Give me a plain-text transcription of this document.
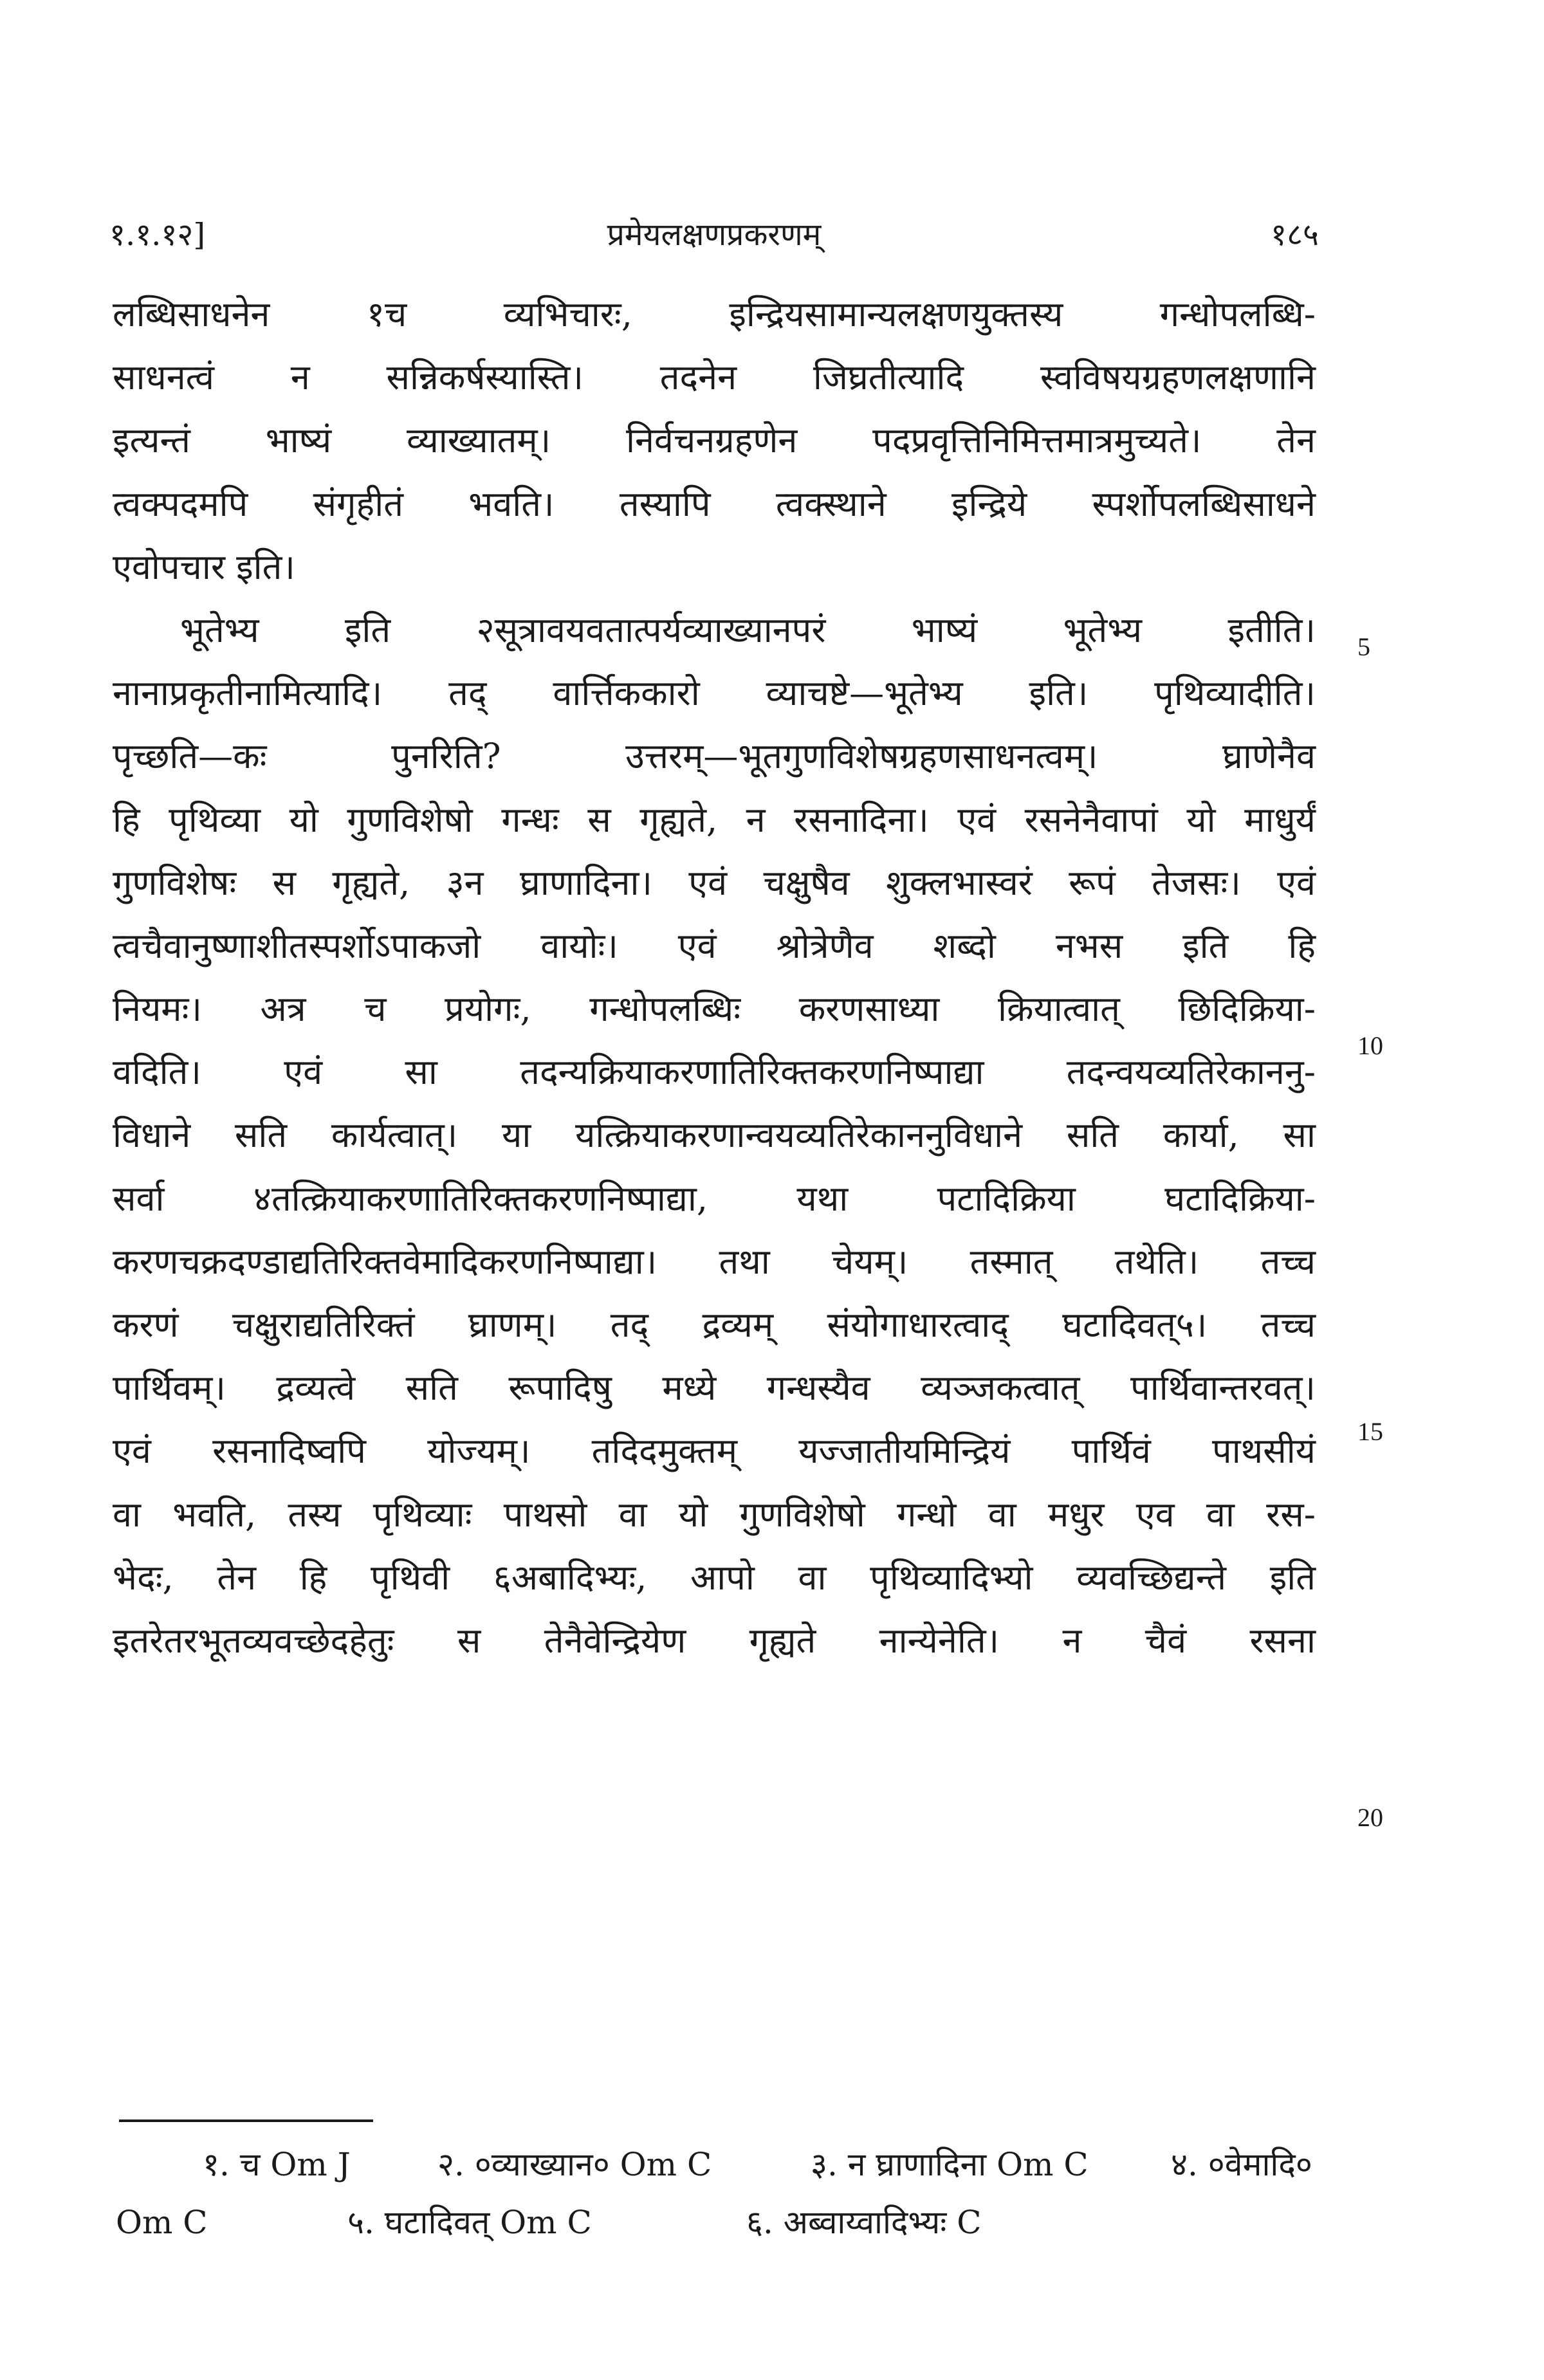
१.१.१२]	प्रमेयलक्षणप्रकरणम्	१८५
लब्धिसाधनेन १च व्यभिचारः, इन्द्रियसामान्यलक्षणयुक्तस्य गन्धोपलब्धि-
साधनत्वं न सन्निकर्षस्यास्ति। तदनेन जिघ्रतीत्यादि स्वविषयग्रहणलक्षणानि
इत्यन्तं भाष्यं व्याख्यातम्। निर्वचनग्रहणेन पदप्रवृत्तिनिमित्तमात्रमुच्यते। तेन
त्वक्पदमपि संगृहीतं भवति। तस्यापि त्वक्स्थाने इन्द्रिये स्पर्शोपलब्धिसाधने
एवोपचार इति।
भूतेभ्य इति २सूत्रावयवतात्पर्यव्याख्यानपरं भाष्यं भूतेभ्य इतीति।
नानाप्रकृतीनामित्यादि। तद् वार्त्तिककारो व्याचष्टे—भूतेभ्य इति। पृथिव्यादीति।
पृच्छति—कः पुनरिति? उत्तरम्—भूतगुणविशेषग्रहणसाधनत्वम्। घ्राणेनैव
हि पृथिव्या यो गुणविशेषो गन्धः स गृह्यते, न रसनादिना। एवं रसनेनैवापां यो माधुर्यं
गुणविशेषः स गृह्यते, ३न घ्राणादिना। एवं चक्षुषैव शुक्लभास्वरं रूपं तेजसः। एवं
त्वचैवानुष्णाशीतस्पर्शोऽपाकजो वायोः। एवं श्रोत्रेणैव शब्दो नभस इति हि
नियमः। अत्र च प्रयोगः, गन्धोपलब्धिः करणसाध्या क्रियात्वात् छिदिक्रिया-
वदिति। एवं सा तदन्यक्रियाकरणातिरिक्तकरणनिष्पाद्या तदन्वयव्यतिरेकाननु-
विधाने सति कार्यत्वात्। या यत्क्रियाकरणान्वयव्यतिरेकाननुविधाने सति कार्या, सा
सर्वा ४तत्क्रियाकरणातिरिक्तकरणनिष्पाद्या, यथा पटादिक्रिया घटादिक्रिया-
करणचक्रदण्डाद्यतिरिक्तवेमादिकरणनिष्पाद्या। तथा चेयम्। तस्मात् तथेति। तच्च
करणं चक्षुराद्यतिरिक्तं घ्राणम्। तद् द्रव्यम् संयोगाधारत्वाद् घटादिवत्५। तच्च
पार्थिवम्। द्रव्यत्वे सति रूपादिषु मध्ये गन्धस्यैव व्यञ्जकत्वात् पार्थिवान्तरवत्।
एवं रसनादिष्वपि योज्यम्। तदिदमुक्तम् यज्जातीयमिन्द्रियं पार्थिवं पाथसीयं
वा भवति, तस्य पृथिव्याः पाथसो वा यो गुणविशेषो गन्धो वा मधुर एव वा रस-
भेदः, तेन हि पृथिवी ६अबादिभ्यः, आपो वा पृथिव्यादिभ्यो व्यवच्छिद्यन्ते इति
इतरेतरभूतव्यवच्छेदहेतुः स तेनैवेन्द्रियेण गृह्यते नान्येनेति। न चैवं रसना
5
10
15
20
१. च Om J	२. ०व्याख्यान० Om C	३. न घ्राणादिना Om C	४. ०वेमादि०
Om C	५. घटादिवत् Om C	६. अब्वाय्वादिभ्यः C
